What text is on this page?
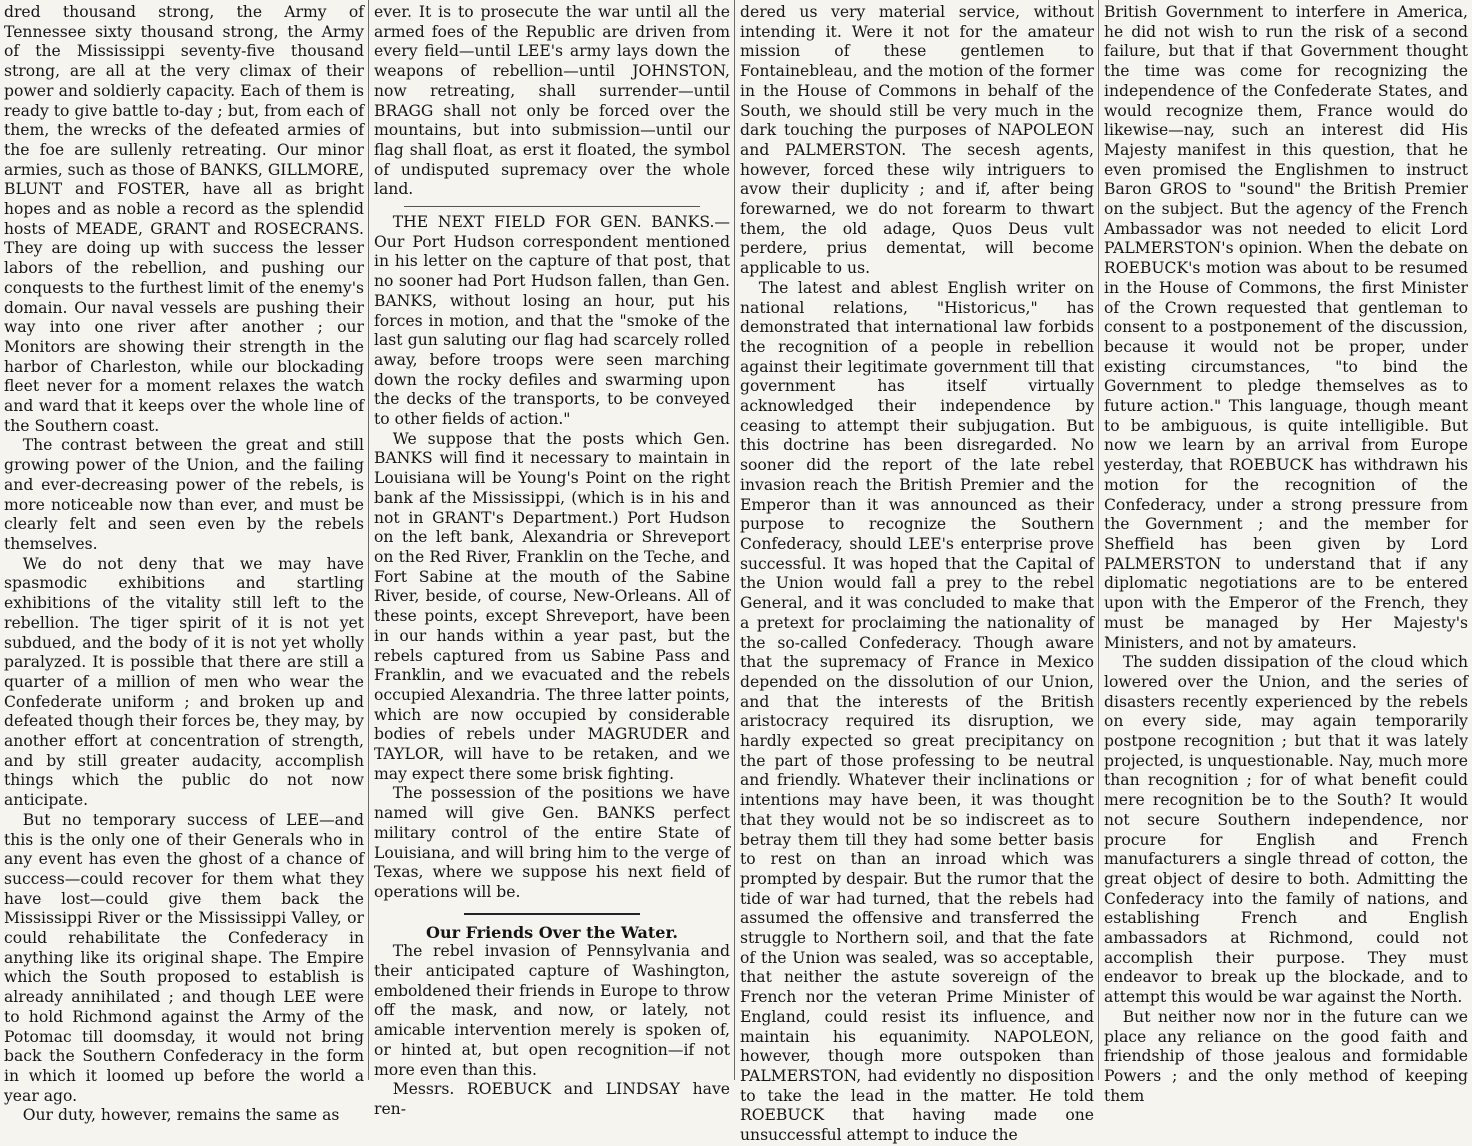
dred thousand strong, the Army of Tennessee sixty thousand strong, the Army of the Mississippi seventy-five thousand strong, are all at the very climax of their power and soldierly capacity. Each of them is ready to give battle to-day ; but, from each of them, the wrecks of the defeated armies of the foe are sullenly retreating. Our minor armies, such as those of BANKS, GILLMORE, BLUNT and FOSTER, have all as bright hopes and as noble a record as the splendid hosts of MEADE, GRANT and ROSECRANS. They are doing up with success the lesser labors of the rebellion, and pushing our conquests to the furthest limit of the enemy's domain. Our naval vessels are pushing their way into one river after another ; our Monitors are showing their strength in the harbor of Charleston, while our blockading fleet never for a moment relaxes the watch and ward that it keeps over the whole line of the Southern coast.

The contrast between the great and still growing power of the Union, and the failing and ever-decreasing power of the rebels, is more noticeable now than ever, and must be clearly felt and seen even by the rebels themselves.

We do not deny that we may have spasmodic exhibitions and startling exhibitions of the vitality still left to the rebellion. The tiger spirit of it is not yet subdued, and the body of it is not yet wholly paralyzed. It is possible that there are still a quarter of a million of men who wear the Confederate uniform ; and broken up and defeated though their forces be, they may, by another effort at concentration of strength, and by still greater audacity, accomplish things which the public do not now anticipate.

But no temporary success of LEE—and this is the only one of their Generals who in any event has even the ghost of a chance of success—could recover for them what they have lost—could give them back the Mississippi River or the Mississippi Valley, or could rehabilitate the Confederacy in anything like its original shape. The Empire which the South proposed to establish is already annihilated ; and though LEE were to hold Richmond against the Army of the Potomac till doomsday, it would not bring back the Southern Confederacy in the form in which it loomed up before the world a year ago.

Our duty, however, remains the same as

ever. It is to prosecute the war until all the armed foes of the Republic are driven from every field—until LEE's army lays down the weapons of rebellion—until JOHNSTON, now retreating, shall surrender—until BRAGG shall not only be forced over the mountains, but into submission—until our flag shall float, as erst it floated, the symbol of undisputed supremacy over the whole land.

THE NEXT FIELD FOR GEN. BANKS.—Our Port Hudson correspondent mentioned in his letter on the capture of that post, that no sooner had Port Hudson fallen, than Gen. BANKS, without losing an hour, put his forces in motion, and that the "smoke of the last gun saluting our flag had scarcely rolled away, before troops were seen marching down the rocky defiles and swarming upon the decks of the transports, to be conveyed to other fields of action."

We suppose that the posts which Gen. BANKS will find it necessary to maintain in Louisiana will be Young's Point on the right bank af the Mississippi, (which is in his and not in GRANT's Department.) Port Hudson on the left bank, Alexandria or Shreveport on the Red River, Franklin on the Teche, and Fort Sabine at the mouth of the Sabine River, beside, of course, New-Orleans. All of these points, except Shreveport, have been in our hands within a year past, but the rebels captured from us Sabine Pass and Franklin, and we evacuated and the rebels occupied Alexandria. The three latter points, which are now occupied by considerable bodies of rebels under MAGRUDER and TAYLOR, will have to be retaken, and we may expect there some brisk fighting.

The possession of the positions we have named will give Gen. BANKS perfect military control of the entire State of Louisiana, and will bring him to the verge of Texas, where we suppose his next field of operations will be.

Our Friends Over the Water.

The rebel invasion of Pennsylvania and their anticipated capture of Washington, emboldened their friends in Europe to throw off the mask, and now, or lately, not amicable intervention merely is spoken of, or hinted at, but open recognition—if not more even than this.

Messrs. ROEBUCK and LINDSAY have ren-

dered us very material service, without intending it. Were it not for the amateur mission of these gentlemen to Fontainebleau, and the motion of the former in the House of Commons in behalf of the South, we should still be very much in the dark touching the purposes of NAPOLEON and PALMERSTON. The secesh agents, however, forced these wily intriguers to avow their duplicity ; and if, after being forewarned, we do not forearm to thwart them, the old adage, Quos Deus vult perdere, prius dementat, will become applicable to us.

The latest and ablest English writer on national relations, "Historicus," has demonstrated that international law forbids the recognition of a people in rebellion against their legitimate government till that government has itself virtually acknowledged their independence by ceasing to attempt their subjugation. But this doctrine has been disregarded. No sooner did the report of the late rebel invasion reach the British Premier and the Emperor than it was announced as their purpose to recognize the Southern Confederacy, should LEE's enterprise prove successful. It was hoped that the Capital of the Union would fall a prey to the rebel General, and it was concluded to make that a pretext for proclaiming the nationality of the so-called Confederacy. Though aware that the supremacy of France in Mexico depended on the dissolution of our Union, and that the interests of the British aristocracy required its disruption, we hardly expected so great precipitancy on the part of those professing to be neutral and friendly. Whatever their inclinations or intentions may have been, it was thought that they would not be so indiscreet as to betray them till they had some better basis to rest on than an inroad which was prompted by despair. But the rumor that the tide of war had turned, that the rebels had assumed the offensive and transferred the struggle to Northern soil, and that the fate of the Union was sealed, was so acceptable, that neither the astute sovereign of the French nor the veteran Prime Minister of England, could resist its influence, and maintain his equanimity. NAPOLEON, however, though more outspoken than PALMERSTON, had evidently no disposition to take the lead in the matter. He told ROEBUCK that having made one unsuccessful attempt to induce the

British Government to interfere in America, he did not wish to run the risk of a second failure, but that if that Government thought the time was come for recognizing the independence of the Confederate States, and would recognize them, France would do likewise—nay, such an interest did His Majesty manifest in this question, that he even promised the Englishmen to instruct Baron GROS to "sound" the British Premier on the subject. But the agency of the French Ambassador was not needed to elicit Lord PALMERSTON's opinion. When the debate on ROEBUCK's motion was about to be resumed in the House of Commons, the first Minister of the Crown requested that gentleman to consent to a postponement of the discussion, because it would not be proper, under existing circumstances, "to bind the Government to pledge themselves as to future action." This language, though meant to be ambiguous, is quite intelligible. But now we learn by an arrival from Europe yesterday, that ROEBUCK has withdrawn his motion for the recognition of the Confederacy, under a strong pressure from the Government ; and the member for Sheffield has been given by Lord PALMERSTON to understand that if any diplomatic negotiations are to be entered upon with the Emperor of the French, they must be managed by Her Majesty's Ministers, and not by amateurs.

The sudden dissipation of the cloud which lowered over the Union, and the series of disasters recently experienced by the rebels on every side, may again temporarily postpone recognition ; but that it was lately projected, is unquestionable. Nay, much more than recognition ; for of what benefit could mere recognition be to the South? It would not secure Southern independence, nor procure for English and French manufacturers a single thread of cotton, the great object of desire to both. Admitting the Confederacy into the family of nations, and establishing French and English ambassadors at Richmond, could not accomplish their purpose. They must endeavor to break up the blockade, and to attempt this would be war against the North.

But neither now nor in the future can we place any reliance on the good faith and friendship of those jealous and formidable Powers ; and the only method of keeping them
